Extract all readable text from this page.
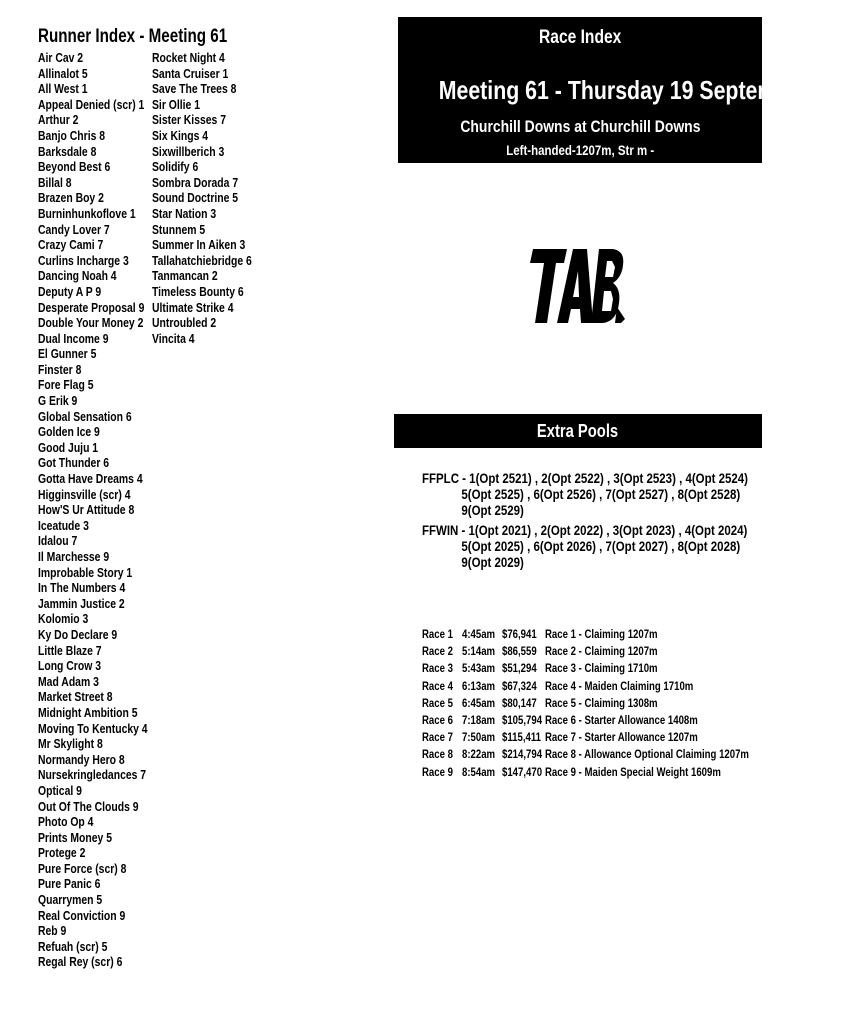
Runner Index - Meeting 61
Air Cav 2
Allinalot 5
All West 1
Appeal Denied (scr) 1
Arthur 2
Banjo Chris 8
Barksdale 8
Beyond Best 6
Billal 8
Brazen Boy 2
Burninhunkoflove 1
Candy Lover 7
Crazy Cami 7
Curlins Incharge 3
Dancing Noah 4
Deputy A P 9
Desperate Proposal 9
Double Your Money 2
Dual Income 9
El Gunner 5
Finster 8
Fore Flag 5
G Erik 9
Global Sensation 6
Golden Ice 9
Good Juju 1
Got Thunder 6
Gotta Have Dreams 4
Higginsville (scr) 4
How'S Ur Attitude 8
Iceatude 3
Idalou 7
Il Marchesse 9
Improbable Story 1
In The Numbers 4
Jammin Justice 2
Kolomio 3
Ky Do Declare 9
Little Blaze 7
Long Crow 3
Mad Adam 3
Market Street 8
Midnight Ambition 5
Moving To Kentucky 4
Mr Skylight 8
Normandy Hero 8
Nursekringledances 7
Optical 9
Out Of The Clouds 9
Photo Op 4
Prints Money 5
Protege 2
Pure Force (scr) 8
Pure Panic 6
Quarrymen 5
Real Conviction 9
Reb 9
Refuah (scr) 5
Regal Rey (scr) 6
Rocket Night 4
Santa Cruiser 1
Save The Trees 8
Sir Ollie 1
Sister Kisses 7
Six Kings 4
Sixwillberich 3
Solidify 6
Sombra Dorada 7
Sound Doctrine 5
Star Nation 3
Stunnem 5
Summer In Aiken 3
Tallahatchiebridge 6
Tanmancan 2
Timeless Bounty 6
Ultimate Strike 4
Untroubled 2
Vincita 4
Race Index
Meeting 61 - Thursday 19 September
Churchill Downs at Churchill Downs
Left-handed-1207m, Str m -
Extra Pools
FFPLC - 1(Opt 2521) , 2(Opt 2522) , 3(Opt 2523) , 4(Opt 2524)
5(Opt 2525) , 6(Opt 2526) , 7(Opt 2527) , 8(Opt 2528)
9(Opt 2529)
FFWIN - 1(Opt 2021) , 2(Opt 2022) , 3(Opt 2023) , 4(Opt 2024)
5(Opt 2025) , 6(Opt 2026) , 7(Opt 2027) , 8(Opt 2028)
9(Opt 2029)
Race 1 4:45am $76,941 Race 1 - Claiming 1207m
Race 2 5:14am $86,559 Race 2 - Claiming 1207m
Race 3 5:43am $51,294 Race 3 - Claiming 1710m
Race 4 6:13am $67,324 Race 4 - Maiden Claiming 1710m
Race 5 6:45am $80,147 Race 5 - Claiming 1308m
Race 6 7:18am $105,794 Race 6 - Starter Allowance 1408m
Race 7 7:50am $115,411 Race 7 - Starter Allowance 1207m
Race 8 8:22am $214,794 Race 8 - Allowance Optional Claiming 1207m
Race 9 8:54am $147,470 Race 9 - Maiden Special Weight 1609m
